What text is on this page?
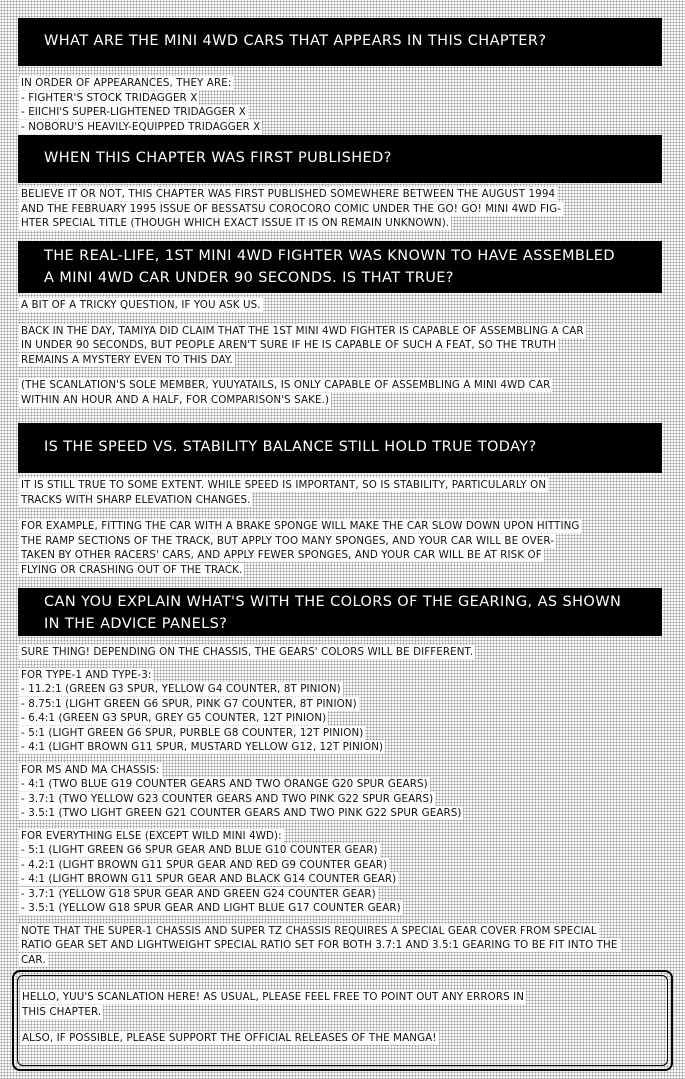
WHAT ARE THE MINI 4WD CARS THAT APPEARS IN THIS CHAPTER?

IN ORDER OF APPEARANCES, THEY ARE:

- FIGHTER'S STOCK TRIDAGGER X

- EIICHI'S SUPER-LIGHTENED TRIDAGGER X

- NOBORU'S HEAVILY-EQUIPPED TRIDAGGER X

WHEN THIS CHAPTER WAS FIRST PUBLISHED?

BELIEVE IT OR NOT, THIS CHAPTER WAS FIRST PUBLISHED SOMEWHERE BETWEEN THE AUGUST 1994

AND THE FEBRUARY 1995 ISSUE OF BESSATSU COROCORO COMIC UNDER THE GO! GO! MINI 4WD FIG-

HTER SPECIAL TITLE (THOUGH WHICH EXACT ISSUE IT IS ON REMAIN UNKNOWN).

THE REAL-LIFE, 1ST MINI 4WD FIGHTER WAS KNOWN TO HAVE ASSEMBLED
A MINI 4WD CAR UNDER 90 SECONDS. IS THAT TRUE?

A BIT OF A TRICKY QUESTION, IF YOU ASK US.

BACK IN THE DAY, TAMIYA DID CLAIM THAT THE 1ST MINI 4WD FIGHTER IS CAPABLE OF ASSEMBLING A CAR

IN UNDER 90 SECONDS, BUT PEOPLE AREN'T SURE IF HE IS CAPABLE OF SUCH A FEAT, SO THE TRUTH

REMAINS A MYSTERY EVEN TO THIS DAY.

(THE SCANLATION'S SOLE MEMBER, YUUYATAILS, IS ONLY CAPABLE OF ASSEMBLING A MINI 4WD CAR

WITHIN AN HOUR AND A HALF, FOR COMPARISON'S SAKE.)

IS THE SPEED VS. STABILITY BALANCE STILL HOLD TRUE TODAY?

IT IS STILL TRUE TO SOME EXTENT. WHILE SPEED IS IMPORTANT, SO IS STABILITY, PARTICULARLY ON

TRACKS WITH SHARP ELEVATION CHANGES.

FOR EXAMPLE, FITTING THE CAR WITH A BRAKE SPONGE WILL MAKE THE CAR SLOW DOWN UPON HITTING

THE RAMP SECTIONS OF THE TRACK, BUT APPLY TOO MANY SPONGES, AND YOUR CAR WILL BE OVER-

TAKEN BY OTHER RACERS' CARS, AND APPLY FEWER SPONGES, AND YOUR CAR WILL BE AT RISK OF

FLYING OR CRASHING OUT OF THE TRACK.

CAN YOU EXPLAIN WHAT'S WITH THE COLORS OF THE GEARING, AS SHOWN
IN THE ADVICE PANELS?

SURE THING! DEPENDING ON THE CHASSIS, THE GEARS' COLORS WILL BE DIFFERENT.

FOR TYPE-1 AND TYPE-3:

- 11.2:1 (GREEN G3 SPUR, YELLOW G4 COUNTER, 8T PINION)

- 8.75:1 (LIGHT GREEN G6 SPUR, PINK G7 COUNTER, 8T PINION)

- 6.4:1 (GREEN G3 SPUR, GREY G5 COUNTER, 12T PINION)

- 5:1 (LIGHT GREEN G6 SPUR, PURBLE G8 COUNTER, 12T PINION)

- 4:1 (LIGHT BROWN G11 SPUR, MUSTARD YELLOW G12, 12T PINION)

FOR MS AND MA CHASSIS:

- 4:1 (TWO BLUE G19 COUNTER GEARS AND TWO ORANGE G20 SPUR GEARS)

- 3.7:1 (TWO YELLOW G23 COUNTER GEARS AND TWO PINK G22 SPUR GEARS)

- 3.5:1 (TWO LIGHT GREEN G21 COUNTER GEARS AND TWO PINK G22 SPUR GEARS)

FOR EVERYTHING ELSE (EXCEPT WILD MINI 4WD):

- 5:1 (LIGHT GREEN G6 SPUR GEAR AND BLUE G10 COUNTER GEAR)

- 4.2:1 (LIGHT BROWN G11 SPUR GEAR AND RED G9 COUNTER GEAR)

- 4:1 (LIGHT BROWN G11 SPUR GEAR AND BLACK G14 COUNTER GEAR)

- 3.7:1 (YELLOW G18 SPUR GEAR AND GREEN G24 COUNTER GEAR)

- 3.5:1 (YELLOW G18 SPUR GEAR AND LIGHT BLUE G17 COUNTER GEAR)

NOTE THAT THE SUPER-1 CHASSIS AND SUPER TZ CHASSIS REQUIRES A SPECIAL GEAR COVER FROM SPECIAL

RATIO GEAR SET AND LIGHTWEIGHT SPECIAL RATIO SET FOR BOTH 3.7:1 AND 3.5:1 GEARING TO BE FIT INTO THE

CAR.

HELLO, YUU'S SCANLATION HERE! AS USUAL, PLEASE FEEL FREE TO POINT OUT ANY ERRORS IN

THIS CHAPTER.

ALSO, IF POSSIBLE, PLEASE SUPPORT THE OFFICIAL RELEASES OF THE MANGA!
